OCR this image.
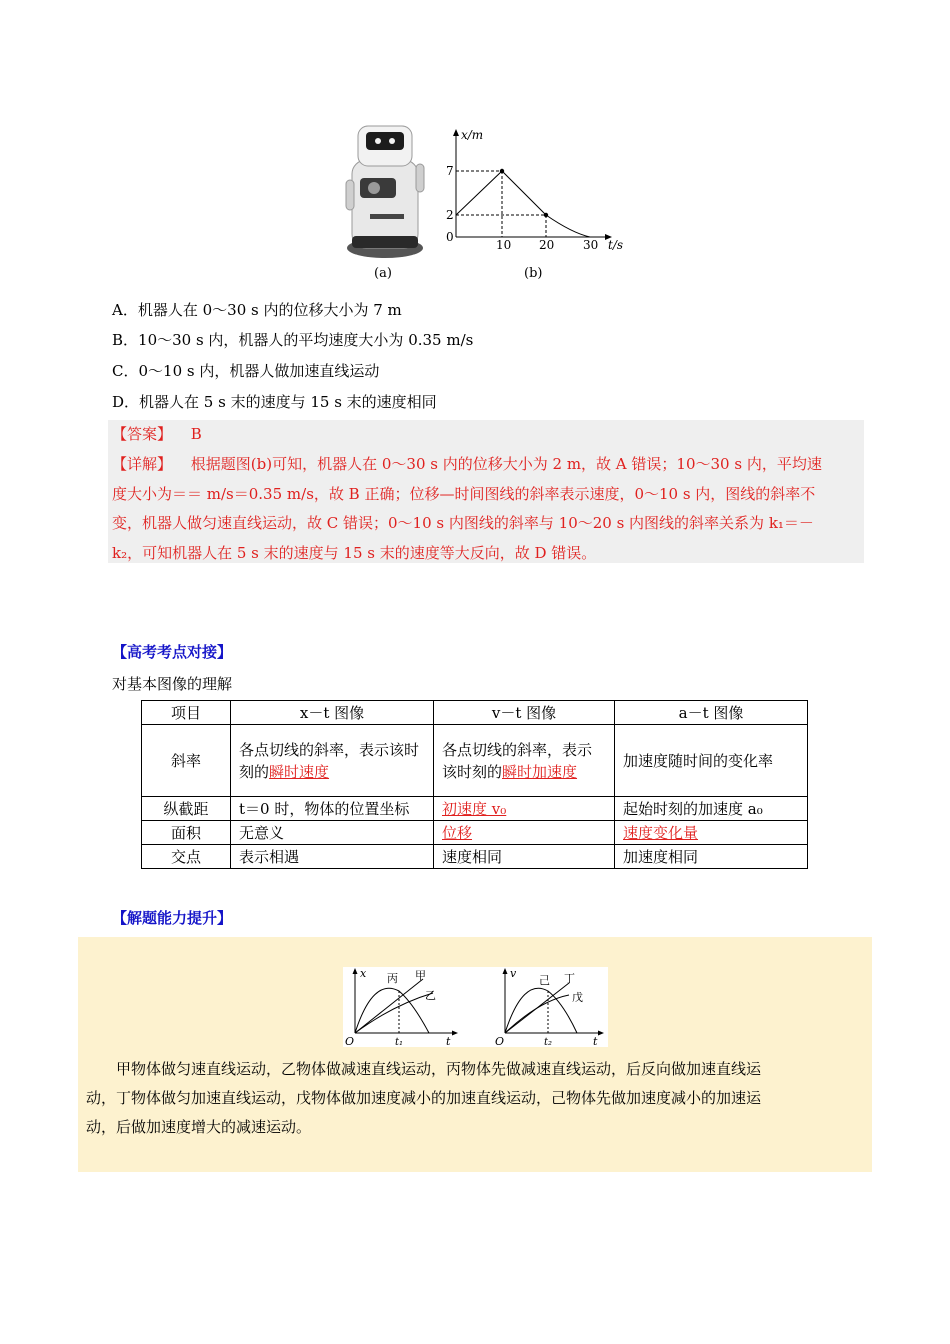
(a)
x/m
t/s
0
7
2
10 20 30
(b)
A．机器人在 0～30 s 内的位移大小为 7 m
B．10～30 s 内，机器人的平均速度大小为 0.35 m/s
C．0～10 s 内，机器人做加速直线运动
D．机器人在 5 s 末的速度与 15 s 末的速度相同
【答案】 B
【详解】 根据题图(b)可知，机器人在 0～30 s 内的位移大小为 2 m，故 A 错误；10～30 s 内，平均速
度大小为＝＝ m/s＝0.35 m/s，故 B 正确；位移—时间图线的斜率表示速度，0～10 s 内，图线的斜率不
变，机器人做匀速直线运动，故 C 错误；0～10 s 内图线的斜率与 10～20 s 内图线的斜率关系为 k₁＝－
k₂，可知机器人在 5 s 末的速度与 15 s 末的速度等大反向，故 D 错误。
【高考考点对接】
对基本图像的理解
项目	x－t 图像	v－t 图像	a－t 图像
斜率	各点切线的斜率，表示该时刻的瞬时速度	各点切线的斜率，表示该时刻的瞬时加速度	加速度随时间的变化率
纵截距	t＝0 时，物体的位置坐标	初速度 v₀	起始时刻的加速度 a₀
面积	无意义	位移	速度变化量
交点	表示相遇	速度相同	加速度相同
【解题能力提升】
x
t
O	t₁
丙 甲
乙
v
t
O	t₂
己 丁
戊
甲物体做匀速直线运动，乙物体做减速直线运动，丙物体先做减速直线运动，后反向做加速直线运
动，丁物体做匀加速直线运动，戊物体做加速度减小的加速直线运动，己物体先做加速度减小的加速运
动，后做加速度增大的减速运动。
